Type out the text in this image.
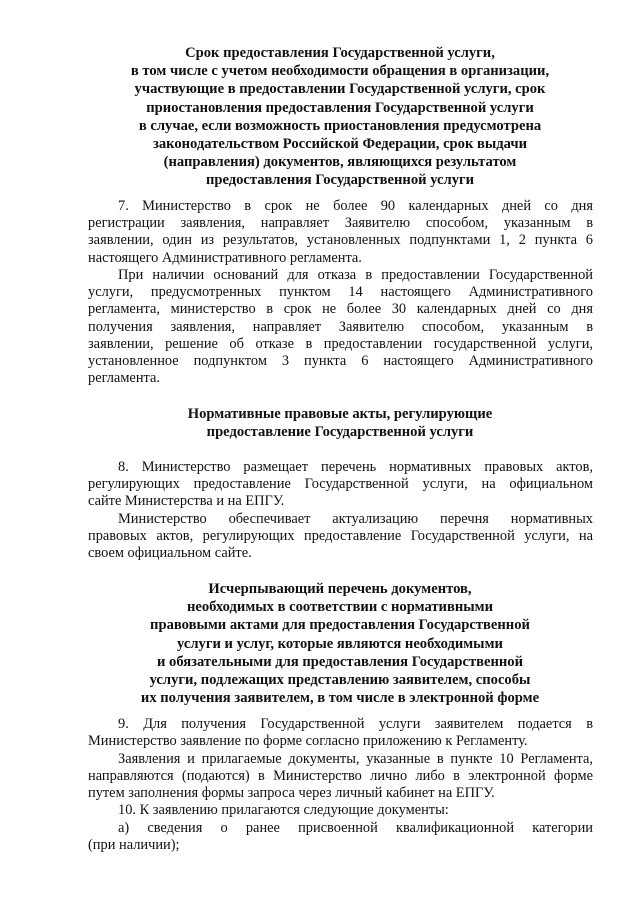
Срок предоставления Государственной услуги,
в том числе с учетом необходимости обращения в организации,
участвующие в предоставлении Государственной услуги, срок
приостановления предоставления Государственной услуги
в случае, если возможность приостановления предусмотрена
законодательством Российской Федерации, срок выдачи
(направления) документов, являющихся результатом
предоставления Государственной услуги
7. Министерство в срок не более 90 календарных дней со дня
регистрации заявления, направляет Заявителю способом, указанным в
заявлении, один из результатов, установленных подпунктами 1, 2 пункта 6
настоящего Административного регламента.
При наличии оснований для отказа в предоставлении Государственной
услуги, предусмотренных пунктом 14 настоящего Административного
регламента, министерство в срок не более 30 календарных дней со дня
получения заявления, направляет Заявителю способом, указанным в
заявлении, решение об отказе в предоставлении государственной услуги,
установленное подпунктом 3 пункта 6 настоящего Административного
регламента.
Нормативные правовые акты, регулирующие
предоставление Государственной услуги
8. Министерство размещает перечень нормативных правовых актов,
регулирующих предоставление Государственной услуги, на официальном
сайте Министерства и на ЕПГУ.
Министерство обеспечивает актуализацию перечня нормативных
правовых актов, регулирующих предоставление Государственной услуги, на
своем официальном сайте.
Исчерпывающий перечень документов,
необходимых в соответствии с нормативными
правовыми актами для предоставления Государственной
услуги и услуг, которые являются необходимыми
и обязательными для предоставления Государственной
услуги, подлежащих представлению заявителем, способы
их получения заявителем, в том числе в электронной форме
9. Для получения Государственной услуги заявителем подается в
Министерство заявление по форме согласно приложению к Регламенту.
Заявления и прилагаемые документы, указанные в пункте 10 Регламента,
направляются (подаются) в Министерство лично либо в электронной форме
путем заполнения формы запроса через личный кабинет на ЕПГУ.
10. К заявлению прилагаются следующие документы:
а) сведения о ранее присвоенной квалификационной категории
(при наличии);
